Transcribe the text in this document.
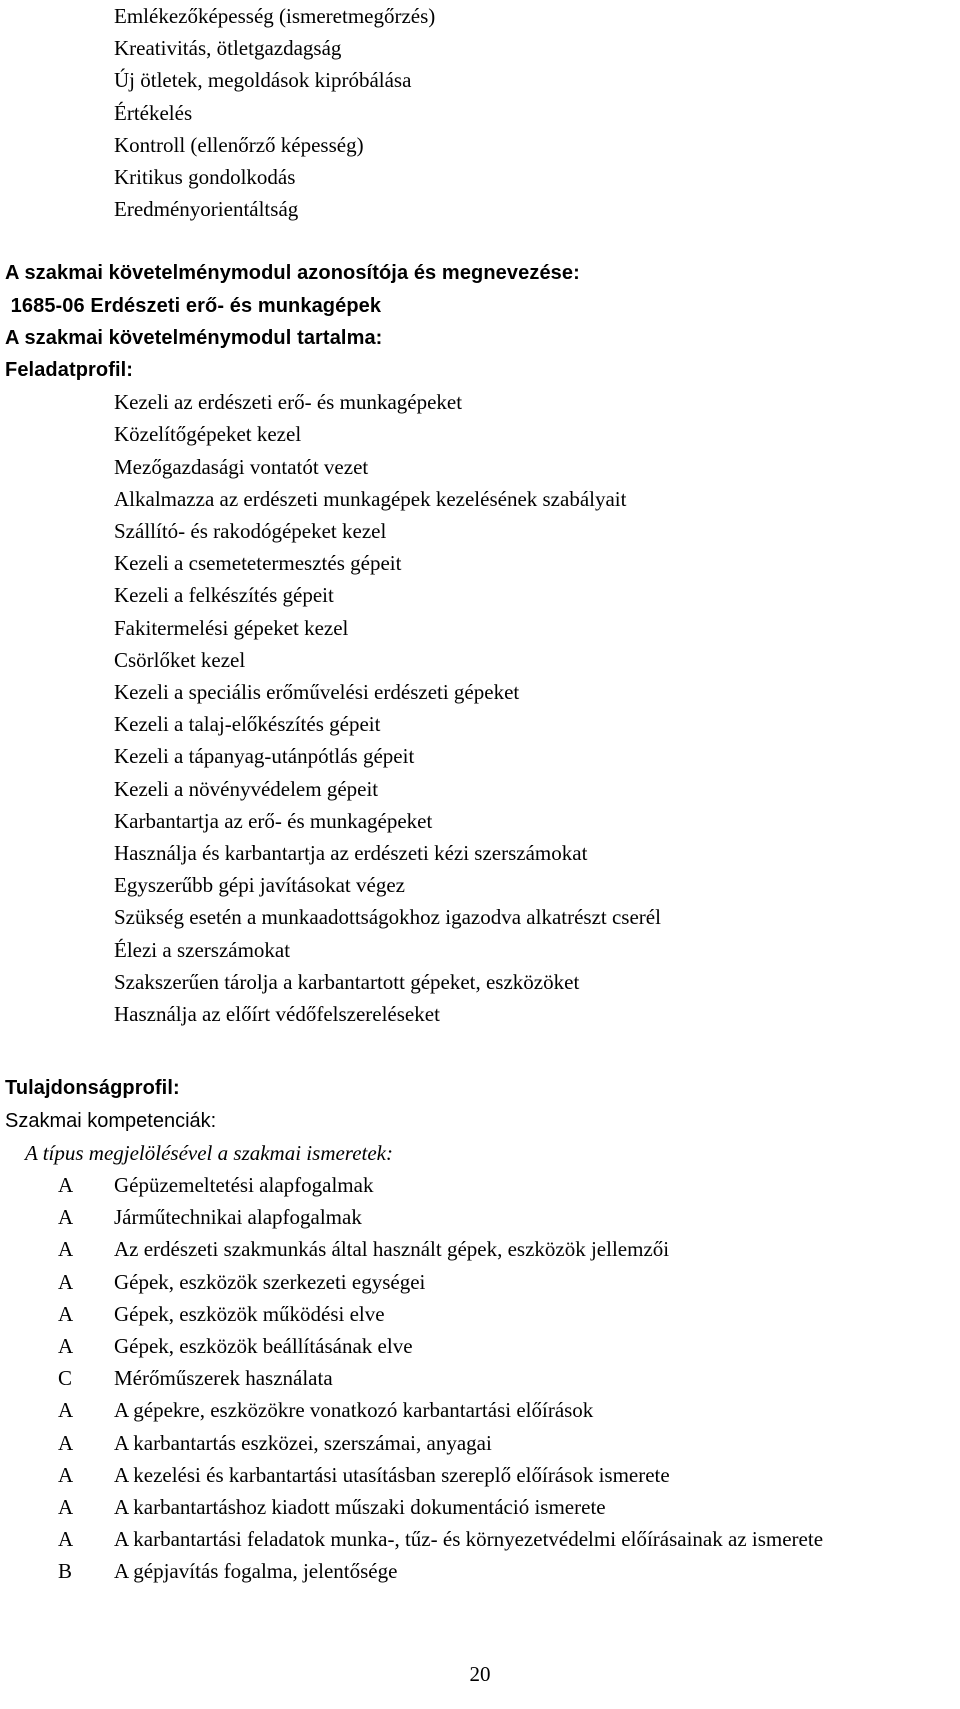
Emlékezőképesség (ismeretmegőrzés)
Kreativitás, ötletgazdagság
Új ötletek, megoldások kipróbálása
Értékelés
Kontroll (ellenőrző képesség)
Kritikus gondolkodás
Eredményorientáltság
A szakmai követelménymodul azonosítója és megnevezése:
1685-06 Erdészeti erő- és munkagépek
A szakmai követelménymodul tartalma:
Feladatprofil:
Kezeli az erdészeti erő- és munkagépeket
Közelítőgépeket kezel
Mezőgazdasági vontatót vezet
Alkalmazza az erdészeti munkagépek kezelésének szabályait
Szállító- és rakodógépeket kezel
Kezeli a csemetetermesztés gépeit
Kezeli a felkészítés gépeit
Fakitermelési gépeket kezel
Csörlőket kezel
Kezeli a speciális erőművelési erdészeti gépeket
Kezeli a talaj-előkészítés gépeit
Kezeli a tápanyag-utánpótlás gépeit
Kezeli a növényvédelem gépeit
Karbantartja az erő- és munkagépeket
Használja és karbantartja az erdészeti kézi szerszámokat
Egyszerűbb gépi javításokat végez
Szükség esetén a munkaadottságokhoz igazodva alkatrészt cserél
Élezi a szerszámokat
Szakszerűen tárolja a karbantartott gépeket, eszközöket
Használja az előírt védőfelszereléseket
Tulajdonságprofil:
Szakmai kompetenciák:
A típus megjelölésével a szakmai ismeretek:
A	Gépüzemeltetési alapfogalmak
A	Járműtechnikai alapfogalmak
A	Az erdészeti szakmunkás által használt gépek, eszközök jellemzői
A	Gépek, eszközök szerkezeti egységei
A	Gépek, eszközök működési elve
A	Gépek, eszközök beállításának elve
C	Mérőműszerek használata
A	A gépekre, eszközökre vonatkozó karbantartási előírások
A	A karbantartás eszközei, szerszámai, anyagai
A	A kezelési és karbantartási utasításban szereplő előírások ismerete
A	A karbantartáshoz kiadott műszaki dokumentáció ismerete
A	A karbantartási feladatok munka-, tűz- és környezetvédelmi előírásainak az ismerete
B	A gépjavítás fogalma, jelentősége
20
